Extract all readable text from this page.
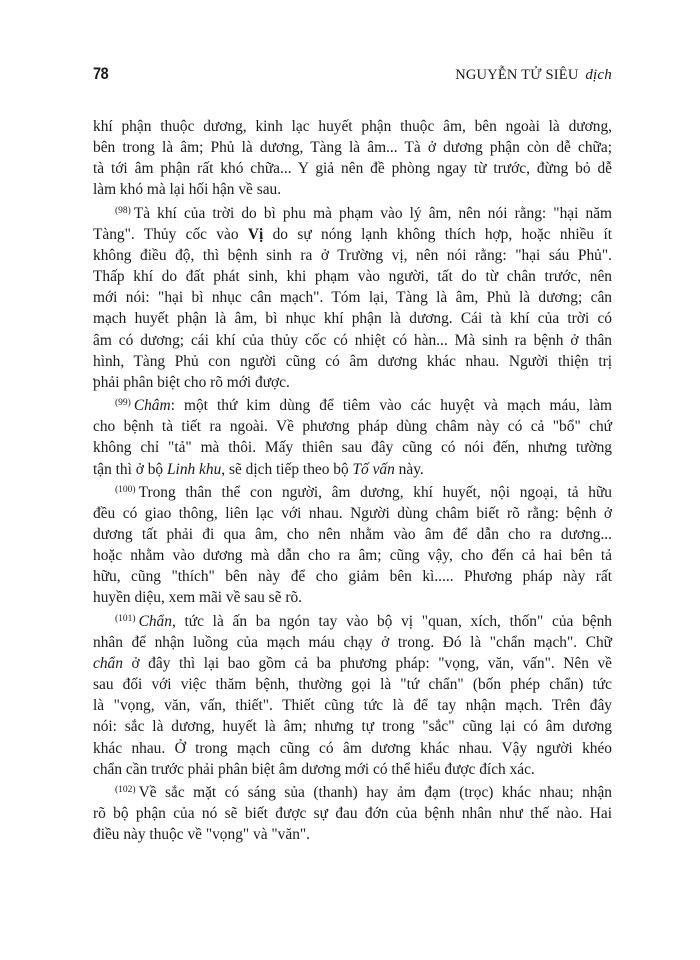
78	NGUYỄN TỬ SIÊU dịch

khí phận thuộc dương, kinh lạc huyết phận thuộc âm, bên ngoài là dương,
bên trong là âm; Phủ là dương, Tàng là âm... Tà ở dương phận còn dễ chữa;
tà tới âm phận rất khó chữa... Y giả nên đề phòng ngay từ trước, đừng bỏ dễ
làm khó mà lại hối hận về sau.

$^{(98)}$ Tà khí của trời do bì phu mà phạm vào lý âm, nên nói rằng: "hại năm
Tàng". Thủy cốc vào Vị do sự nóng lạnh không thích hợp, hoặc nhiều ít
không điều độ, thì bệnh sinh ra ở Trường vị, nên nói rằng: "hại sáu Phủ".
Thấp khí do đất phát sinh, khi phạm vào người, tất do từ chân trước, nên
mới nói: "hại bì nhục cân mạch". Tóm lại, Tàng là âm, Phủ là dương; cân
mạch huyết phận là âm, bì nhục khí phận là dương. Cái tà khí của trời có
âm có dương; cái khí của thủy cốc có nhiệt có hàn... Mà sinh ra bệnh ở thân
hình, Tàng Phủ con người cũng có âm dương khác nhau. Người thiện trị
phải phân biệt cho rõ mới được.

$^{(99)}$ Châm: một thứ kim dùng để tiêm vào các huyệt và mạch máu, làm
cho bệnh tà tiết ra ngoài. Về phương pháp dùng châm này có cả "bổ" chứ
không chỉ "tả" mà thôi. Mấy thiên sau đây cũng có nói đến, nhưng tường
tận thì ở bộ Linh khu, sẽ dịch tiếp theo bộ Tố vấn này.

$^{(100)}$ Trong thân thể con người, âm dương, khí huyết, nội ngoại, tả hữu
đều có giao thông, liên lạc với nhau. Người dùng châm biết rõ rằng: bệnh ở
dương tất phải đi qua âm, cho nên nhằm vào âm để dẫn cho ra dương...
hoặc nhằm vào dương mà dẫn cho ra âm; cũng vậy, cho đến cả hai bên tả
hữu, cũng "thích" bên này để cho giảm bên kì..... Phương pháp này rất
huyền diệu, xem mãi về sau sẽ rõ.

$^{(101)}$ Chẩn, tức là ấn ba ngón tay vào bộ vị "quan, xích, thốn" của bệnh
nhân để nhận luồng của mạch máu chạy ở trong. Đó là "chẩn mạch". Chữ
chẩn ở đây thì lại bao gồm cả ba phương pháp: "vọng, văn, vấn". Nên về
sau đối với việc thăm bệnh, thường gọi là "tứ chẩn" (bốn phép chẩn) tức
là "vọng, văn, vấn, thiết". Thiết cũng tức là để tay nhận mạch. Trên đây
nói: sắc là dương, huyết là âm; nhưng tự trong "sắc" cũng lại có âm dương
khác nhau. Ở trong mạch cũng có âm dương khác nhau. Vậy người khéo
chẩn cần trước phải phân biệt âm dương mới có thể hiểu được đích xác.

$^{(102)}$ Về sắc mặt có sáng sủa (thanh) hay ảm đạm (trọc) khác nhau; nhận
rõ bộ phận của nó sẽ biết được sự đau đớn của bệnh nhân như thế nào. Hai
điều này thuộc về "vọng" và "văn".
